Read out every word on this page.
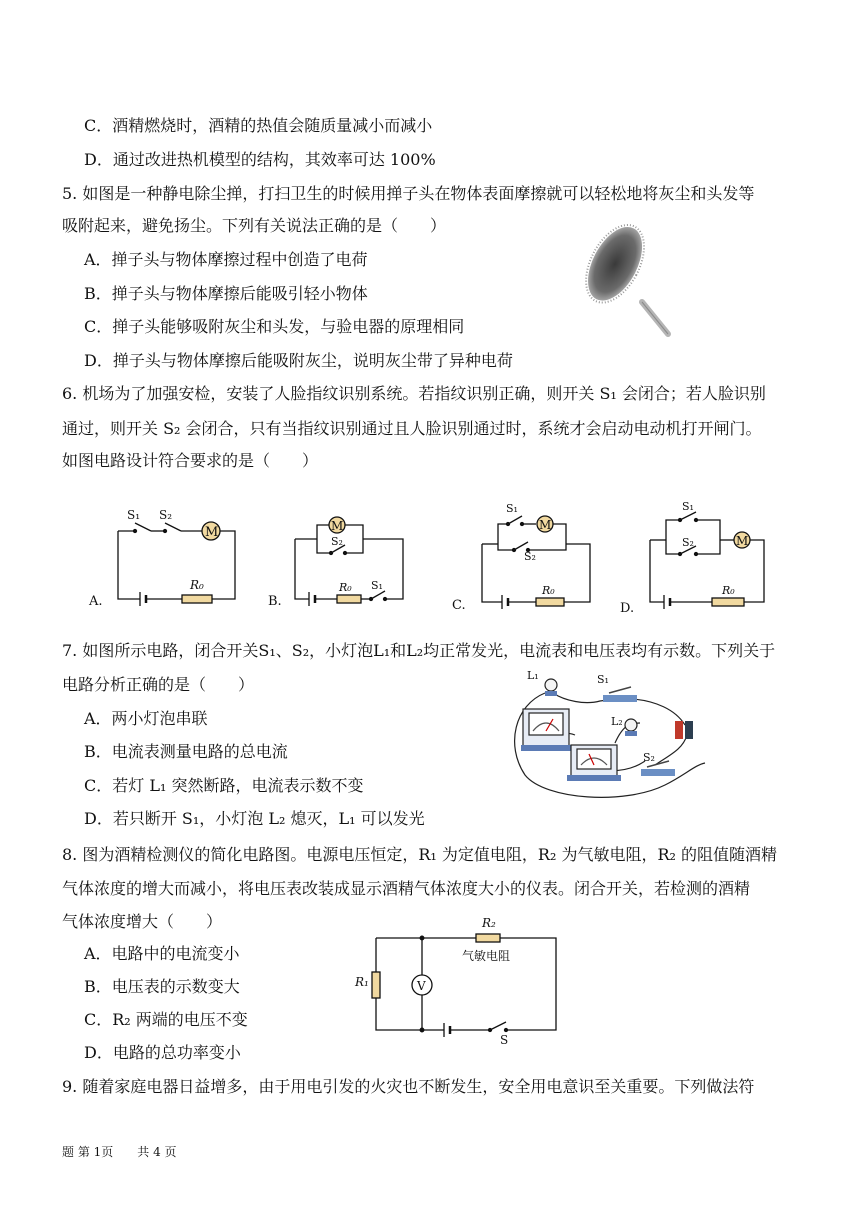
C．酒精燃烧时，酒精的热值会随质量减小而减小
D．通过改进热机模型的结构，其效率可达 100%
5. 如图是一种静电除尘掸，打扫卫生的时候用掸子头在物体表面摩擦就可以轻松地将灰尘和头发等
吸附起来，避免扬尘。下列有关说法正确的是（　　）
A．掸子头与物体摩擦过程中创造了电荷
B．掸子头与物体摩擦后能吸引轻小物体
C．掸子头能够吸附灰尘和头发，与验电器的原理相同
D．掸子头与物体摩擦后能吸附灰尘，说明灰尘带了异种电荷
6. 机场为了加强安检，安装了人脸指纹识别系统。若指纹识别正确，则开关 S₁ 会闭合；若人脸识别
通过，则开关 S₂ 会闭合，只有当指纹识别通过且人脸识别通过时，系统才会启动电动机打开闸门。
如图电路设计符合要求的是（　　）
M
S₁ S₂
R₀
A.
M
S₂
R₀ S₁
B.
M
S₁
S₂
R₀
C.
M
S₁
S₂
R₀
D.
7. 如图所示电路，闭合开关S₁、S₂，小灯泡L₁和L₂均正常发光，电流表和电压表均有示数。下列关于
电路分析正确的是（　　）
A．两小灯泡串联
B．电流表测量电路的总电流
C．若灯 L₁ 突然断路，电流表示数不变
D．若只断开 S₁，小灯泡 L₂ 熄灭，L₁ 可以发光
L₁	S₁
L₂
S₂
8. 图为酒精检测仪的简化电路图。电源电压恒定，R₁ 为定值电阻，R₂ 为气敏电阻，R₂ 的阻值随酒精
气体浓度的增大而减小，将电压表改装成显示酒精气体浓度大小的仪表。闭合开关，若检测的酒精
气体浓度增大（　　）
A．电路中的电流变小
B．电压表的示数变大
C．R₂ 两端的电压不变
D．电路的总功率变小
V
R₁
R₂
气敏电阻
S
9. 随着家庭电器日益增多，由于用电引发的火灾也不断发生，安全用电意识至关重要。下列做法符
题 第 1页　　共 4 页
